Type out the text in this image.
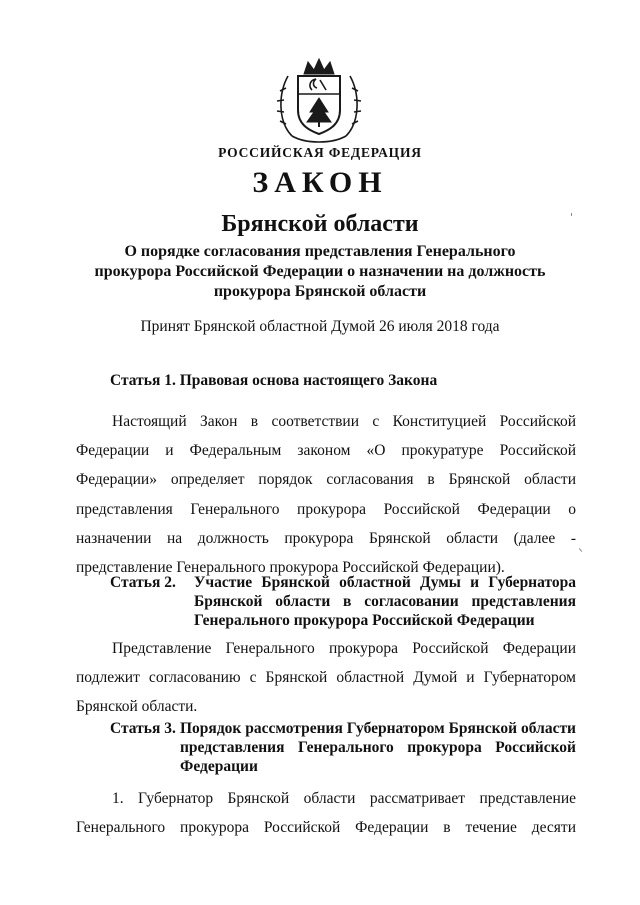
РОССИЙСКАЯ ФЕДЕРАЦИЯ
ЗАКОН
Брянской области
О порядке согласования представления Генерального прокурора Российской Федерации о назначении на должность прокурора Брянской области
Принят Брянской областной Думой 26 июля 2018 года
Статья 1. Правовая основа настоящего Закона

Настоящий Закон в соответствии с Конституцией Российской Федерации и Федеральным законом «О прокуратуре Российской Федерации» определяет порядок согласования в Брянской области представления Генерального прокурора Российской Федерации о назначении на должность прокурора Брянской области (далее - представление Генерального прокурора Российской Федерации).

Статья 2. Участие Брянской областной Думы и Губернатора Брянской области в согласовании представления Генерального прокурора Российской Федерации

Представление Генерального прокурора Российской Федерации подлежит согласованию с Брянской областной Думой и Губернатором Брянской области.

Статья 3. Порядок рассмотрения Губернатором Брянской области представления Генерального прокурора Российской Федерации

1. Губернатор Брянской области рассматривает представление Генерального прокурора Российской Федерации в течение десяти
